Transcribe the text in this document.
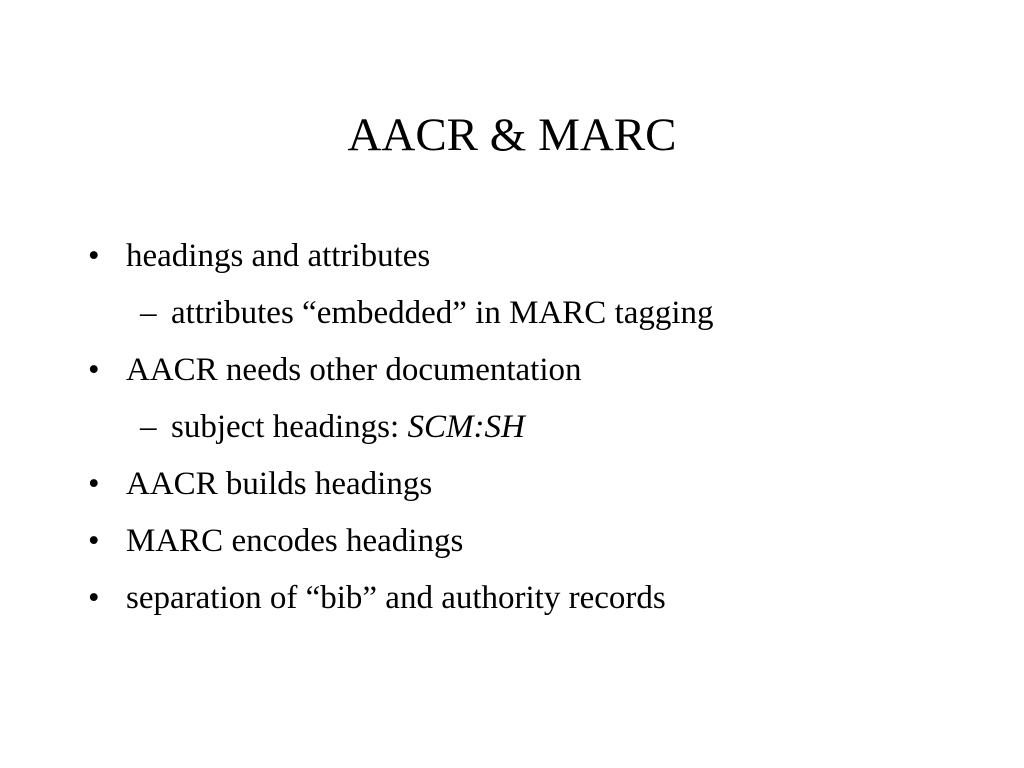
AACR & MARC
• headings and attributes
– attributes “embedded” in MARC tagging
• AACR needs other documentation
– subject headings: SCM:SH
• AACR builds headings
• MARC encodes headings
• separation of “bib” and authority records
